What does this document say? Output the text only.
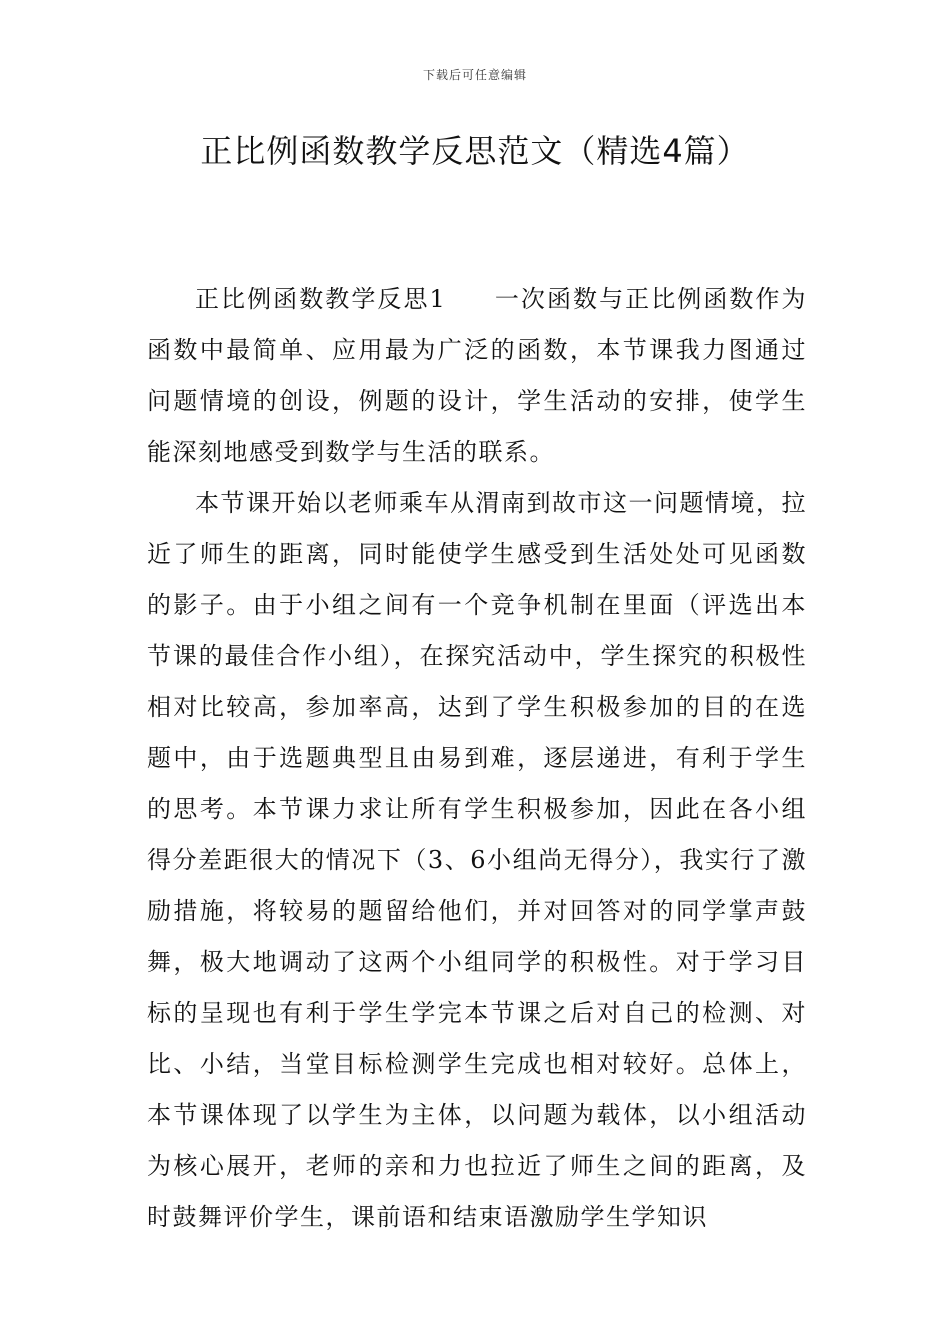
下载后可任意编辑
正比例函数教学反思范文（精选4篇）

正比例函数教学反思1 一次函数与正比例函数作为函数中最简单、应用最为广泛的函数，本节课我力图通过问题情境的创设，例题的设计，学生活动的安排，使学生能深刻地感受到数学与生活的联系。

本节课开始以老师乘车从渭南到故市这一问题情境，拉近了师生的距离，同时能使学生感受到生活处处可见函数的影子。由于小组之间有一个竞争机制在里面（评选出本节课的最佳合作小组），在探究活动中，学生探究的积极性相对比较高，参加率高，达到了学生积极参加的目的在选题中，由于选题典型且由易到难，逐层递进，有利于学生的思考。本节课力求让所有学生积极参加，因此在各小组得分差距很大的情况下（3、6小组尚无得分），我实行了激励措施，将较易的题留给他们，并对回答对的同学掌声鼓舞，极大地调动了这两个小组同学的积极性。对于学习目标的呈现也有利于学生学完本节课之后对自己的检测、对比、小结，当堂目标检测学生完成也相对较好。总体上，本节课体现了以学生为主体，以问题为载体，以小组活动为核心展开，老师的亲和力也拉近了师生之间的距离，及时鼓舞评价学生，课前语和结束语激励学生学知识
